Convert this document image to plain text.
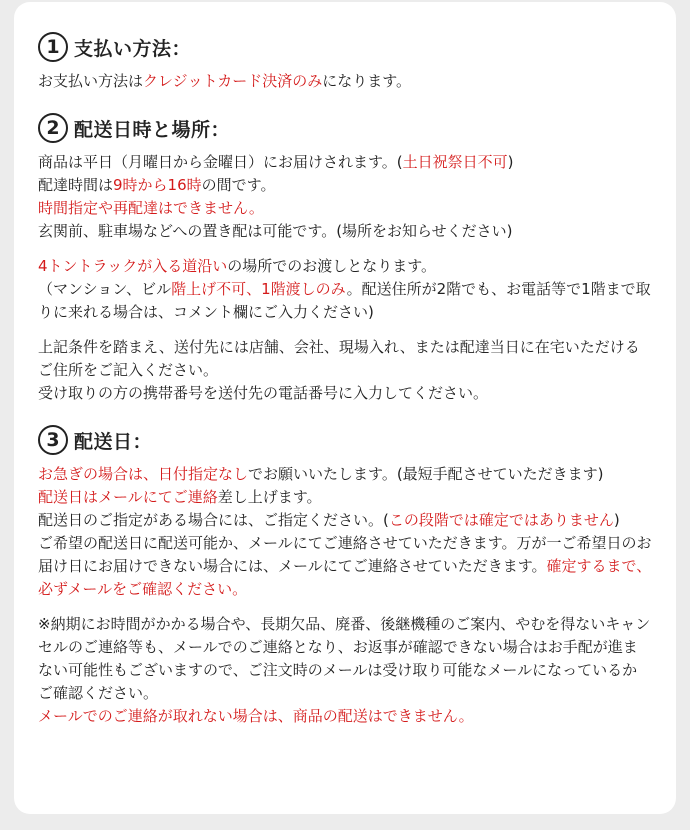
1 支払い方法：

お支払い方法はクレジットカード決済のみになります。

2 配送日時と場所：

商品は平日（月曜日から金曜日）にお届けされます。(土日祝祭日不可)

配達時間は9時から16時の間です。

時間指定や再配達はできません。

玄関前、駐車場などへの置き配は可能です。(場所をお知らせください)

4トントラックが入る道沿いの場所でのお渡しとなります。

（マンション、ビル階上げ不可、1階渡しのみ。配送住所が2階でも、お電話等で1階まで取りに来れる場合は、コメント欄にご入力ください)

上記条件を踏まえ、送付先には店舗、会社、現場入れ、または配達当日に在宅いただけるご住所をご記入ください。

受け取りの方の携帯番号を送付先の電話番号に入力してください。

3 配送日：

お急ぎの場合は、日付指定なしでお願いいたします。(最短手配させていただきます)

配送日はメールにてご連絡差し上げます。

配送日のご指定がある場合には、ご指定ください。(この段階では確定ではありません)

ご希望の配送日に配送可能か、メールにてご連絡させていただきます。万が一ご希望日のお届け日にお届けできない場合には、メールにてご連絡させていただきます。確定するまで、必ずメールをご確認ください。

※納期にお時間がかかる場合や、長期欠品、廃番、後継機種のご案内、やむを得ないキャンセルのご連絡等も、メールでのご連絡となり、お返事が確認できない場合はお手配が進まない可能性もございますので、ご注文時のメールは受け取り可能なメールになっているかご確認ください。

メールでのご連絡が取れない場合は、商品の配送はできません。
